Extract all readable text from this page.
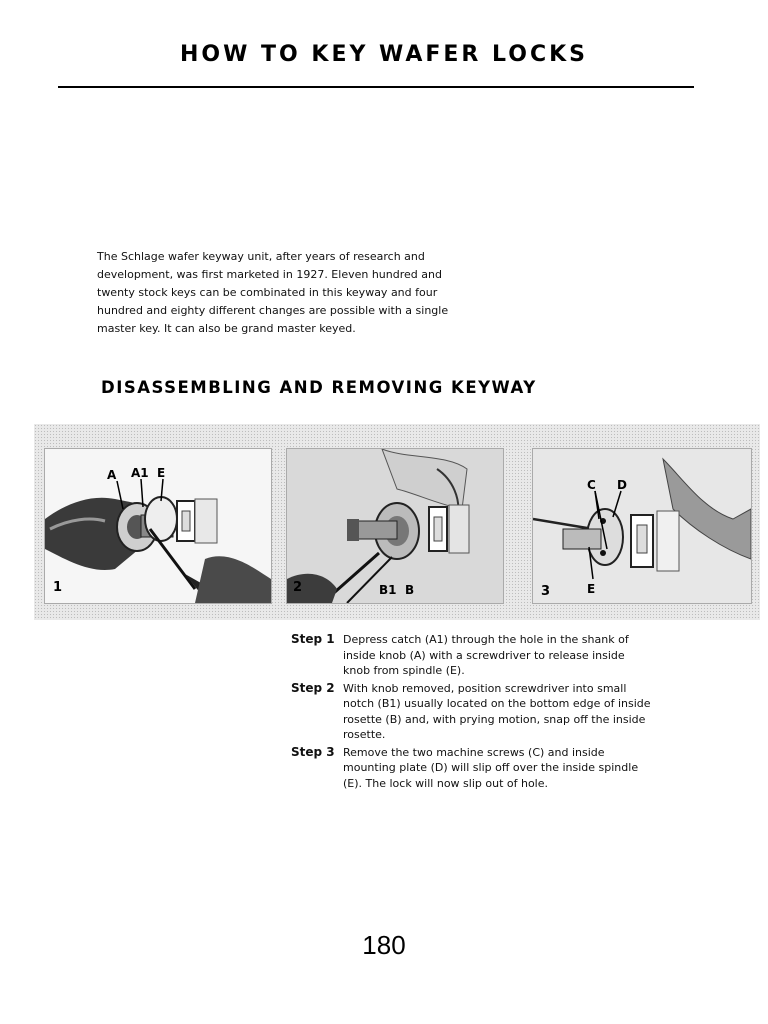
HOW TO KEY WAFER LOCKS

The Schlage wafer keyway unit, after years of research and development, was first marketed in 1927. Eleven hundred and twenty stock keys can be combinated in this keyway and four hundred and eighty different changes are possible with a single master key. It can also be grand master keyed.

DISASSEMBLING AND REMOVING KEYWAY
A A1 E
1	2	B1 B
C D
E
3
Step 1 Depress catch (A1) through the hole in the shank of inside knob (A) with a screwdriver to release inside knob from spindle (E).
Step 2 With knob removed, position screwdriver into small notch (B1) usually located on the bottom edge of inside rosette (B) and, with prying motion, snap off the inside rosette.
Step 3 Remove the two machine screws (C) and inside mounting plate (D) will slip off over the inside spindle (E). The lock will now slip out of hole.
180
